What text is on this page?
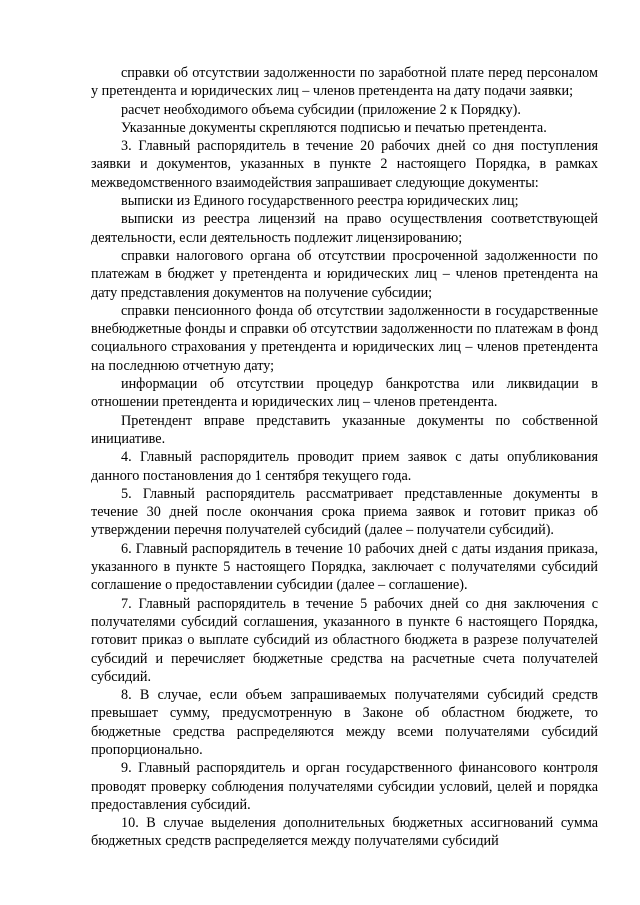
справки об отсутствии задолженности по заработной плате перед персоналом у претендента и юридических лиц – членов претендента на дату подачи заявки;

расчет необходимого объема субсидии (приложение 2 к Порядку).

Указанные документы скрепляются подписью и печатью претендента.

3. Главный распорядитель в течение 20 рабочих дней со дня поступления заявки и документов, указанных в пункте 2 настоящего Порядка, в рамках межведомственного взаимодействия запрашивает следующие документы:

выписки из Единого государственного реестра юридических лиц;

выписки из реестра лицензий на право осуществления соответствующей деятельности, если деятельность подлежит лицензированию;

справки налогового органа об отсутствии просроченной задолженности по платежам в бюджет у претендента и юридических лиц – членов претендента на дату представления документов на получение субсидии;

справки пенсионного фонда об отсутствии задолженности в государственные внебюджетные фонды и справки об отсутствии задолженности по платежам в фонд социального страхования у претендента и юридических лиц – членов претендента на последнюю отчетную дату;

информации об отсутствии процедур банкротства или ликвидации в отношении претендента и юридических лиц – членов претендента.

Претендент вправе представить указанные документы по собственной инициативе.

4. Главный распорядитель проводит прием заявок с даты опубликования данного постановления до 1 сентября текущего года.

5. Главный распорядитель рассматривает представленные документы в течение 30 дней после окончания срока приема заявок и готовит приказ об утверждении перечня получателей субсидий (далее – получатели субсидий).

6. Главный распорядитель в течение 10 рабочих дней с даты издания приказа, указанного в пункте 5 настоящего Порядка, заключает с получателями субсидий соглашение о предоставлении субсидии (далее – соглашение).

7. Главный распорядитель в течение 5 рабочих дней со дня заключения с получателями субсидий соглашения, указанного в пункте 6 настоящего Порядка, готовит приказ о выплате субсидий из областного бюджета в разрезе получателей субсидий и перечисляет бюджетные средства на расчетные счета получателей субсидий.

8. В случае, если объем запрашиваемых получателями субсидий средств превышает сумму, предусмотренную в Законе об областном бюджете, то бюджетные средства распределяются между всеми получателями субсидий пропорционально.

9. Главный распорядитель и орган государственного финансового контроля проводят проверку соблюдения получателями субсидии условий, целей и порядка предоставления субсидий.

10. В случае выделения дополнительных бюджетных ассигнований сумма бюджетных средств распределяется между получателями субсидий
